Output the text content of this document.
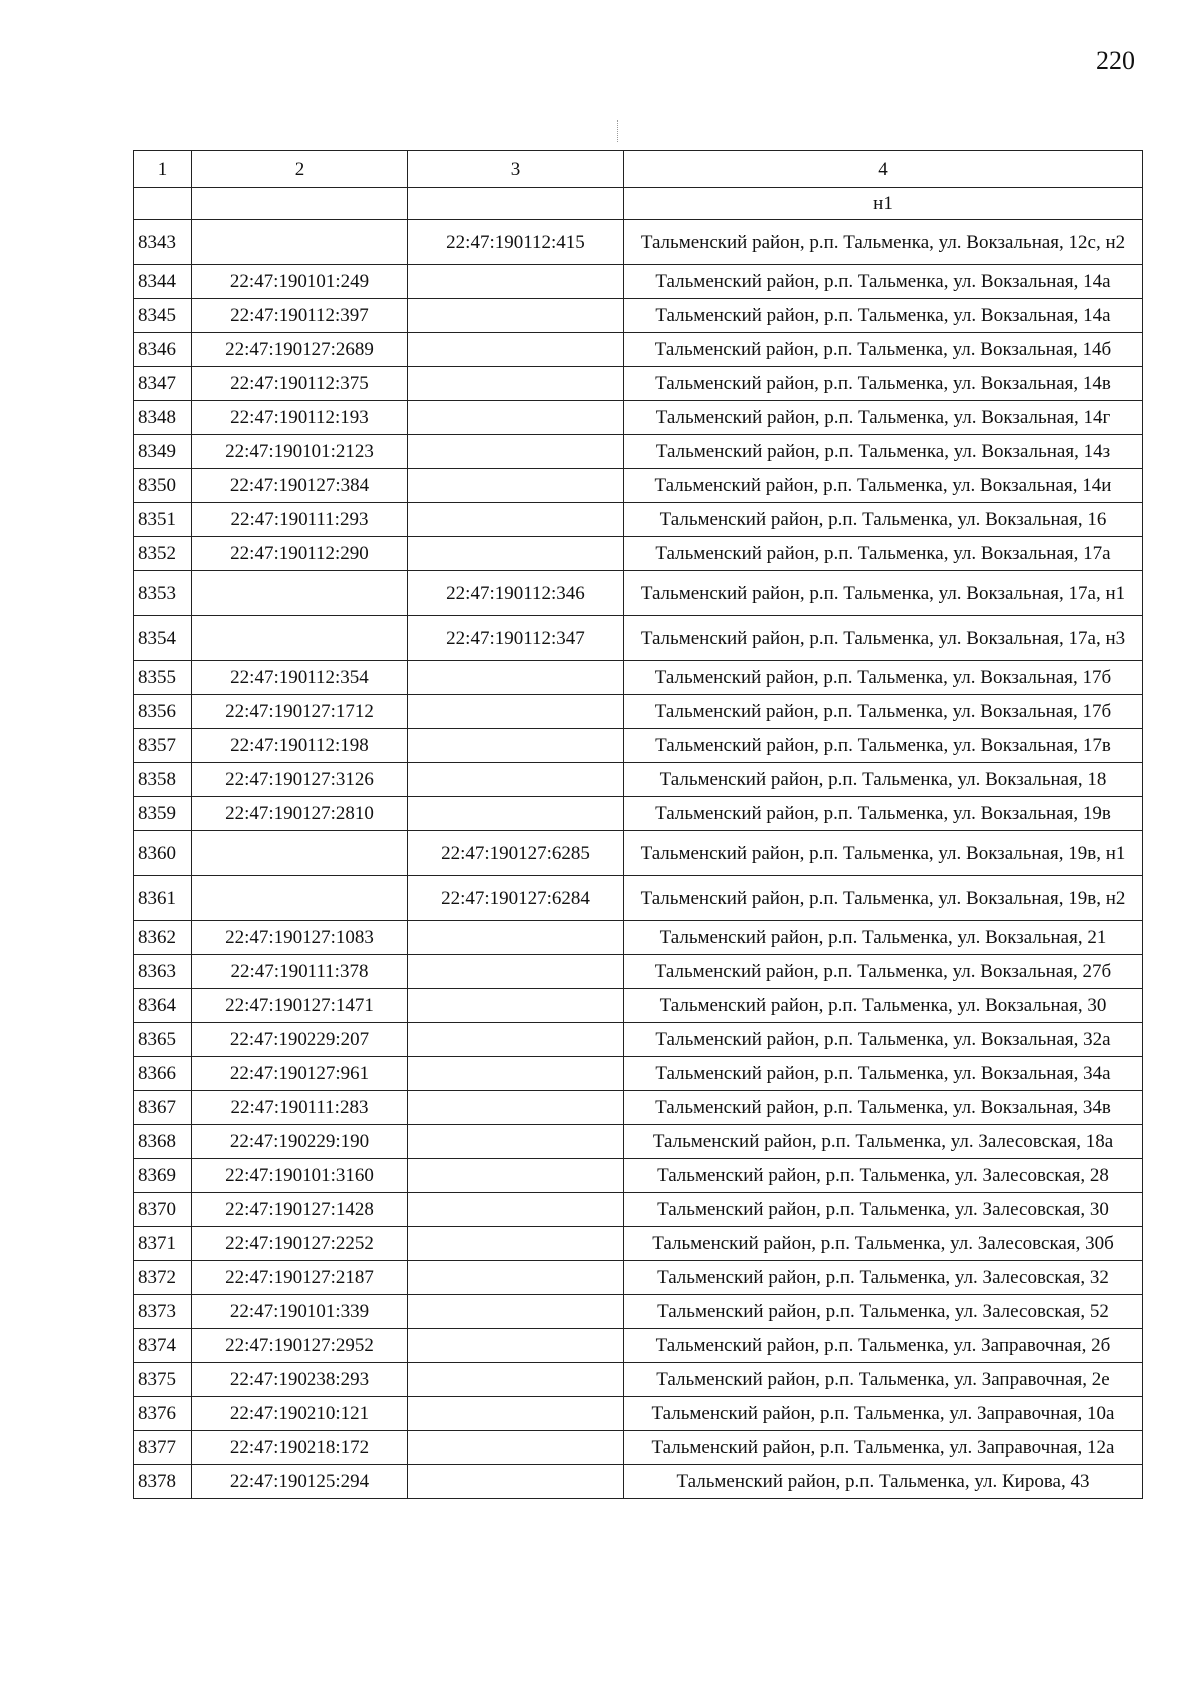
220
1	2	3	4
			н1
8343		22:47:190112:415	Тальменский район, р.п. Тальменка, ул. Вокзальная, 12с, н2
8344	22:47:190101:249		Тальменский район, р.п. Тальменка, ул. Вокзальная, 14а
8345	22:47:190112:397		Тальменский район, р.п. Тальменка, ул. Вокзальная, 14а
8346	22:47:190127:2689		Тальменский район, р.п. Тальменка, ул. Вокзальная, 14б
8347	22:47:190112:375		Тальменский район, р.п. Тальменка, ул. Вокзальная, 14в
8348	22:47:190112:193		Тальменский район, р.п. Тальменка, ул. Вокзальная, 14г
8349	22:47:190101:2123		Тальменский район, р.п. Тальменка, ул. Вокзальная, 14з
8350	22:47:190127:384		Тальменский район, р.п. Тальменка, ул. Вокзальная, 14и
8351	22:47:190111:293		Тальменский район, р.п. Тальменка, ул. Вокзальная, 16
8352	22:47:190112:290		Тальменский район, р.п. Тальменка, ул. Вокзальная, 17а
8353		22:47:190112:346	Тальменский район, р.п. Тальменка, ул. Вокзальная, 17а, н1
8354		22:47:190112:347	Тальменский район, р.п. Тальменка, ул. Вокзальная, 17а, н3
8355	22:47:190112:354		Тальменский район, р.п. Тальменка, ул. Вокзальная, 17б
8356	22:47:190127:1712		Тальменский район, р.п. Тальменка, ул. Вокзальная, 17б
8357	22:47:190112:198		Тальменский район, р.п. Тальменка, ул. Вокзальная, 17в
8358	22:47:190127:3126		Тальменский район, р.п. Тальменка, ул. Вокзальная, 18
8359	22:47:190127:2810		Тальменский район, р.п. Тальменка, ул. Вокзальная, 19в
8360		22:47:190127:6285	Тальменский район, р.п. Тальменка, ул. Вокзальная, 19в, н1
8361		22:47:190127:6284	Тальменский район, р.п. Тальменка, ул. Вокзальная, 19в, н2
8362	22:47:190127:1083		Тальменский район, р.п. Тальменка, ул. Вокзальная, 21
8363	22:47:190111:378		Тальменский район, р.п. Тальменка, ул. Вокзальная, 27б
8364	22:47:190127:1471		Тальменский район, р.п. Тальменка, ул. Вокзальная, 30
8365	22:47:190229:207		Тальменский район, р.п. Тальменка, ул. Вокзальная, 32а
8366	22:47:190127:961		Тальменский район, р.п. Тальменка, ул. Вокзальная, 34а
8367	22:47:190111:283		Тальменский район, р.п. Тальменка, ул. Вокзальная, 34в
8368	22:47:190229:190		Тальменский район, р.п. Тальменка, ул. Залесовская, 18а
8369	22:47:190101:3160		Тальменский район, р.п. Тальменка, ул. Залесовская, 28
8370	22:47:190127:1428		Тальменский район, р.п. Тальменка, ул. Залесовская, 30
8371	22:47:190127:2252		Тальменский район, р.п. Тальменка, ул. Залесовская, 30б
8372	22:47:190127:2187		Тальменский район, р.п. Тальменка, ул. Залесовская, 32
8373	22:47:190101:339		Тальменский район, р.п. Тальменка, ул. Залесовская, 52
8374	22:47:190127:2952		Тальменский район, р.п. Тальменка, ул. Заправочная, 2б
8375	22:47:190238:293		Тальменский район, р.п. Тальменка, ул. Заправочная, 2е
8376	22:47:190210:121		Тальменский район, р.п. Тальменка, ул. Заправочная, 10а
8377	22:47:190218:172		Тальменский район, р.п. Тальменка, ул. Заправочная, 12а
8378	22:47:190125:294		Тальменский район, р.п. Тальменка, ул. Кирова, 43
